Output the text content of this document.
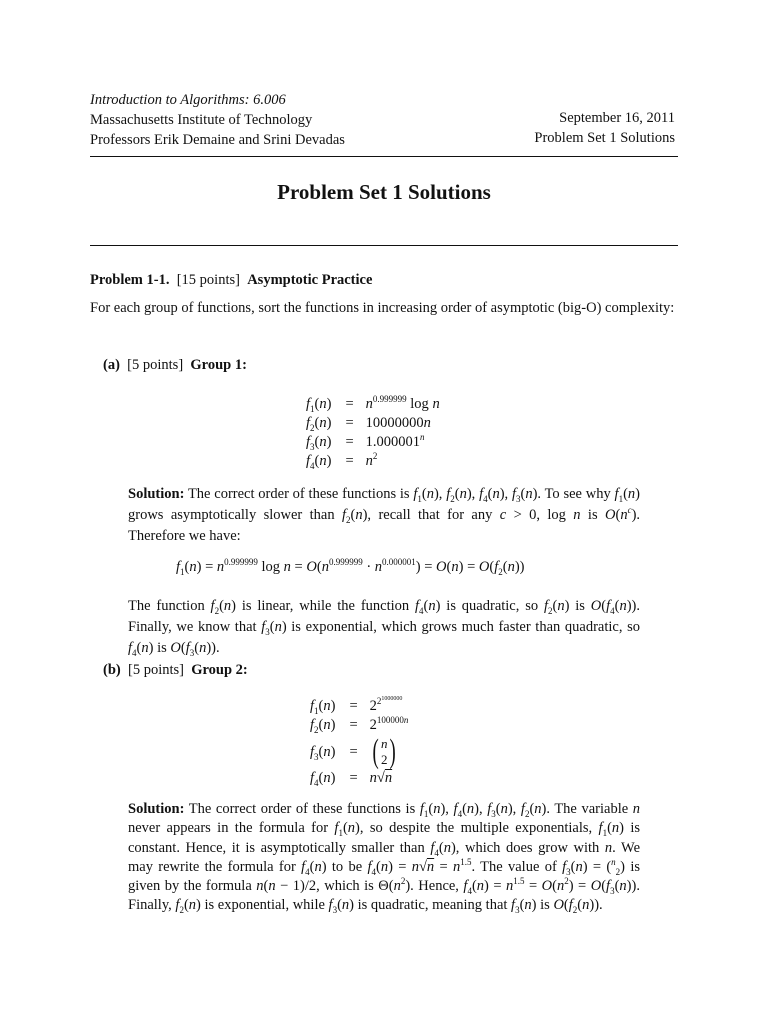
Introduction to Algorithms: 6.006
Massachusetts Institute of Technology
Professors Erik Demaine and Srini Devadas
September 16, 2011
Problem Set 1 Solutions
Problem Set 1 Solutions
Problem 1-1. [15 points] Asymptotic Practice
For each group of functions, sort the functions in increasing order of asymptotic (big-O) complexity:
(a) [5 points] Group 1:
$f_1(n)$	=	$n^{0.999999}$ log n
$f_2(n)$	=	10000000n
$f_3(n)$	=	$1.000001^n$
$f_4(n)$	=	$n^2$
Solution: The correct order of these functions is $f_1(n)$, $f_2(n)$, $f_4(n)$, $f_3(n)$. To see why $f_1(n)$ grows asymptotically slower than $f_2(n)$, recall that for any c > 0, log n is $O(n^c)$. Therefore we have:
$f_1(n) = n^{0.999999}$ $\log n = O(n^{0.999999} \cdot n^{0.000001}) = O(n) = O(f_2(n))$
The function $f_2(n)$ is linear, while the function $f_4(n)$ is quadratic, so $f_2(n)$ is $O(f_4(n))$. Finally, we know that $f_3(n)$ is exponential, which grows much faster than quadratic, so $f_4(n)$ is $O(f_3(n))$.
(b) [5 points] Group 2:
$f_1(n)$	=	$2^{2^{1000000}}$
$f_2(n)$	=	$2^{100000n}$
$f_3(n)$	=	( n
2 )

$f_4(n)$	=	n√n
Solution: The correct order of these functions is $f_1(n)$, $f_4(n)$, $f_3(n)$, $f_2(n)$. The variable n never appears in the formula for $f_1(n)$, so despite the multiple exponentials, $f_1(n)$ is constant. Hence, it is asymptotically smaller than $f_4(n)$, which does grow with n. We may rewrite the formula for $f_4(n)$ to be $f_4(n) = n√n = n^{1.5}$. The value of $f_3(n) = (^n_2)$ is given by the formula n(n − 1)/2, which is $\Theta(n^2)$. Hence, $f_4(n) = n^{1.5} = O(n^2) = O(f_3(n))$. Finally, $f_2(n)$ is exponential, while $f_3(n)$ is quadratic, meaning that $f_3(n)$ is $O(f_2(n))$.
